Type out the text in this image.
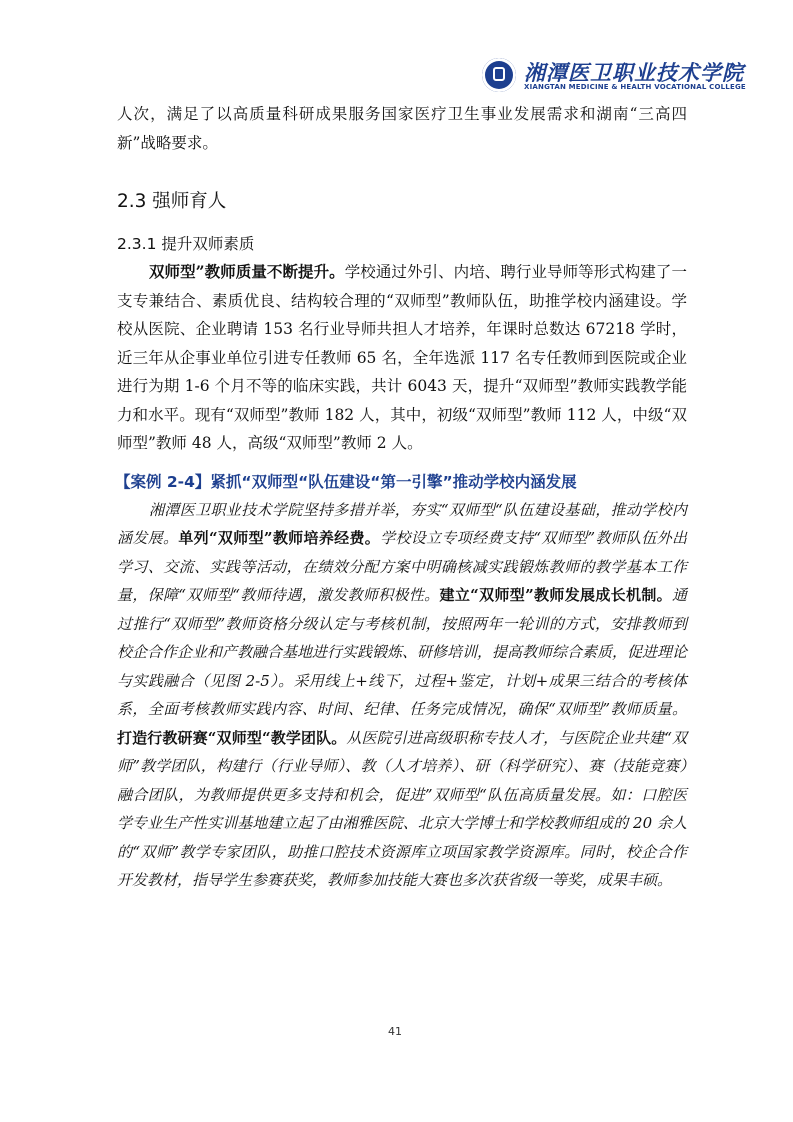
湘潭医卫职业技术学院
XIANGTAN MEDICINE & HEALTH VOCATIONAL COLLEGE

人次，满足了以高质量科研成果服务国家医疗卫生事业发展需求和湖南“三高四新”战略要求。

2.3 强师育人
2.3.1 提升双师素质

双师型”教师质量不断提升。学校通过外引、内培、聘行业导师等形式构建了一支专兼结合、素质优良、结构较合理的“双师型”教师队伍，助推学校内涵建设。学校从医院、企业聘请 153 名行业导师共担人才培养，年课时总数达 67218 学时，近三年从企事业单位引进专任教师 65 名，全年选派 117 名专任教师到医院或企业进行为期 1-6 个月不等的临床实践，共计 6043 天，提升“双师型”教师实践教学能力和水平。现有“双师型”教师 182 人，其中，初级“双师型”教师 112 人，中级“双师型”教师 48 人，高级“双师型”教师 2 人。

【案例 2-4】紧抓“双师型“队伍建设“第一引擎”推动学校内涵发展

湘潭医卫职业技术学院坚持多措并举，夯实“双师型“队伍建设基础，推动学校内涵发展。单列“双师型”教师培养经费。学校设立专项经费支持“双师型”教师队伍外出学习、交流、实践等活动，在绩效分配方案中明确核减实践锻炼教师的教学基本工作量，保障“双师型“教师待遇，激发教师积极性。建立“双师型”教师发展成长机制。通过推行“双师型”教师资格分级认定与考核机制，按照两年一轮训的方式，安排教师到校企合作企业和产教融合基地进行实践锻炼、研修培训，提高教师综合素质，促进理论与实践融合（见图 2-5）。采用线上+线下，过程+鉴定，计划+成果三结合的考核体系，全面考核教师实践内容、时间、纪律、任务完成情况，确保“双师型”教师质量。打造行教研赛“双师型“教学团队。从医院引进高级职称专技人才，与医院企业共建“双师”教学团队，构建行（行业导师）、教（人才培养）、研（科学研究）、赛（技能竞赛）融合团队，为教师提供更多支持和机会，促进”双师型“队伍高质量发展。如：口腔医学专业生产性实训基地建立起了由湘雅医院、北京大学博士和学校教师组成的 20 余人的“双师”教学专家团队，助推口腔技术资源库立项国家教学资源库。同时，校企合作开发教材，指导学生参赛获奖，教师参加技能大赛也多次获省级一等奖，成果丰硕。

41
